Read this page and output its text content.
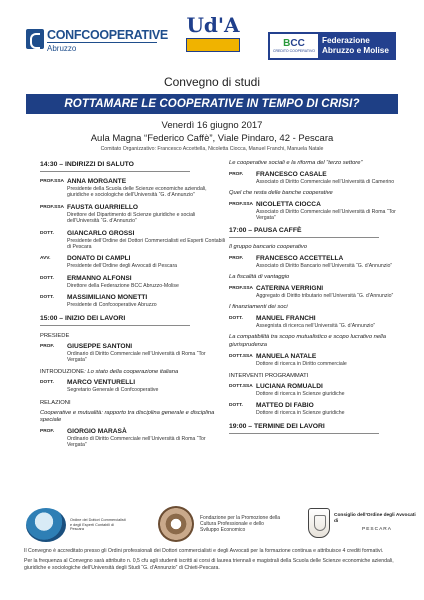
CONFCOOPERATIVE
Abruzzo
Ud'A
BCC
CREDITO COOPERATIVO
Federazione
Abruzzo e Molise
Convegno di studi
ROTTAMARE LE COOPERATIVE IN TEMPO DI CRISI?
Venerdì 16 giugno 2017
Aula Magna “Federico Caffè”, Viale Pindaro, 42 - Pescara
Comitato Organizzativo: Francesco Accettella, Nicoletta Ciocca, Manuel Franchi, Manuela Natale
14:30 – INDIRIZZI DI SALUTO
PROF.SSA ANNA MORGANTE
Presidente della Scuola delle Scienze economiche aziendali, giuridiche e sociologiche dell’Università “G. d’Annunzio”
PROF.SSA FAUSTA GUARRIELLO
Direttore del Dipartimento di Scienze giuridiche e sociali dell’Università “G. d’Annunzio”
DOTT.	GIANCARLO GROSSI
Presidente dell’Ordine dei Dottori Commercialisti ed Esperti Contabili di Pescara
AVV.	DONATO DI CAMPLI
Presidente dell’Ordine degli Avvocati di Pescara
DOTT.	ERMANNO ALFONSI
Direttore della Federazione BCC Abruzzo-Molise
DOTT.	MASSIMILIANO MONETTI
Presidente di Confcooperative Abruzzo
15:00 – INIZIO DEI LAVORI
PRESIEDE
PROF.	GIUSEPPE SANTONI
Ordinario di Diritto Commerciale nell’Università di Roma “Tor Vergata”
INTRODUZIONE: Lo stato della cooperazione italiana
DOTT.	MARCO VENTURELLI
Segretario Generale di Confcooperative
RELAZIONI
Cooperative e mutualità: rapporto tra disciplina generale e disciplina speciale
PROF.	GIORGIO MARASÀ
Ordinario di Diritto Commerciale nell’Università di Roma “Tor Vergata”
Le cooperative sociali e la riforma del “terzo settore”
PROF.	FRANCESCO CASALE
Associato di Diritto Commerciale nell’Università di Camerino
Quel che resta delle banche cooperative
PROF.SSA NICOLETTA CIOCCA
Associato di Diritto Commerciale nell’Università di Roma “Tor Vergata”
17:00 – PAUSA CAFFÈ
Il gruppo bancario cooperativo
PROF.	FRANCESCO ACCETTELLA
Associato di Diritto Bancario nell’Università “G. d’Annunzio”
La fiscalità di vantaggio
PROF.SSA CATERINA VERRIGNI
Aggregato di Diritto tributario nell’Università “G. d’Annunzio”
I finanziamenti dei soci
DOTT.	MANUEL FRANCHI
Assegnista di ricerca nell’Università “G. d’Annunzio”
La compatibilità tra scopo mutualistico e scopo lucrativo nella giurisprudenza
DOTT.SSA MANUELA NATALE
Dottore di ricerca in Diritto commerciale
INTERVENTI PROGRAMMATI
DOTT.SSA LUCIANA ROMUALDI
Dottore di ricerca in Scienze giuridiche
DOTT.	MATTEO DI FABIO
Dottore di ricerca in Scienze giuridiche
19:00 – TERMINE DEI LAVORI
Ordine dei Dottori Commercialisti e degli Esperti Contabili di Pescara
Fondazione per la Promozione della Cultura Professionale e dello Sviluppo Economico
Consiglio dell’Ordine degli Avvocati di
PESCARA
Il Convegno è accreditato presso gli Ordini professionali dei Dottori commercialisti e degli Avvocati per la formazione continua e attribuisce 4 crediti formativi.
Per la frequenza al Convegno sarà attribuito n. 0,5 cfu agli studenti iscritti ai corsi di laurea triennali e magistrali della Scuola delle Scienze economiche aziendali, giuridiche e sociologiche dell’Università degli Studi “G. d’Annunzio” di Chieti-Pescara.
